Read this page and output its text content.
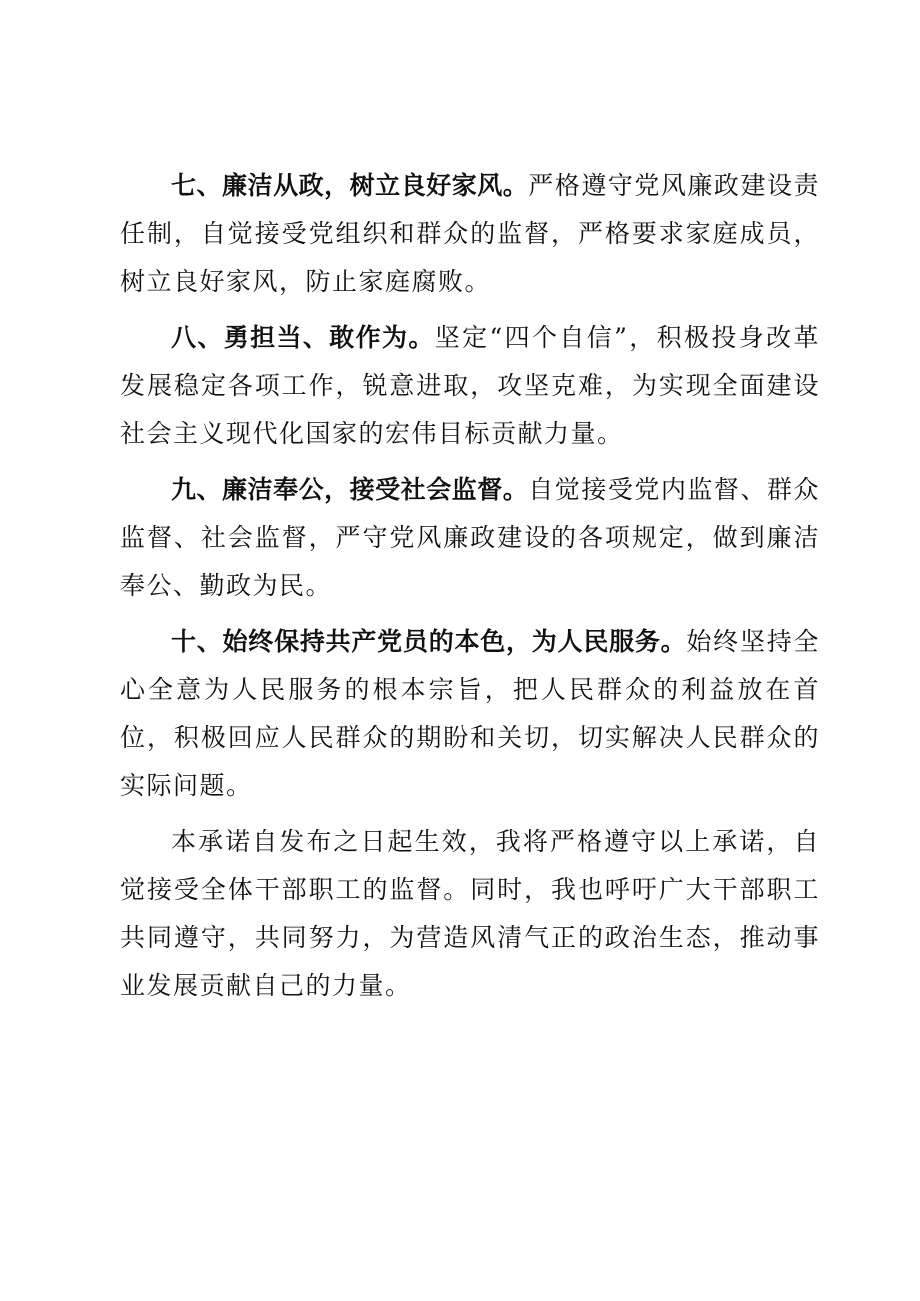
七、廉洁从政，树立良好家风。严格遵守党风廉政建设责任制，自觉接受党组织和群众的监督，严格要求家庭成员，树立良好家风，防止家庭腐败。

八、勇担当、敢作为。坚定“四个自信”，积极投身改革发展稳定各项工作，锐意进取，攻坚克难，为实现全面建设社会主义现代化国家的宏伟目标贡献力量。

九、廉洁奉公，接受社会监督。自觉接受党内监督、群众监督、社会监督，严守党风廉政建设的各项规定，做到廉洁奉公、勤政为民。

十、始终保持共产党员的本色，为人民服务。始终坚持全心全意为人民服务的根本宗旨，把人民群众的利益放在首位，积极回应人民群众的期盼和关切，切实解决人民群众的实际问题。

本承诺自发布之日起生效，我将严格遵守以上承诺，自觉接受全体干部职工的监督。同时，我也呼吁广大干部职工共同遵守，共同努力，为营造风清气正的政治生态，推动事业发展贡献自己的力量。
